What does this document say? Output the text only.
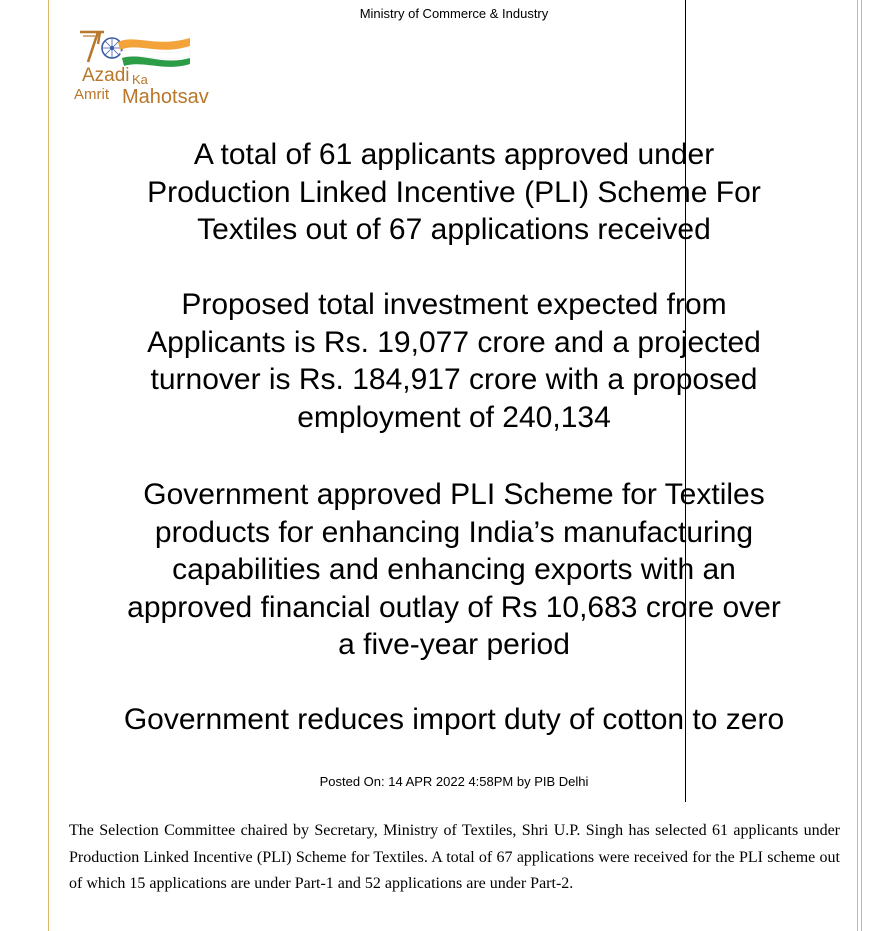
Ministry of Commerce & Industry
Azadi Ka
Amrit Mahotsav
A total of 61 applicants approved under
Production Linked Incentive (PLI) Scheme For
Textiles out of 67 applications received
Proposed total investment expected from
Applicants is Rs. 19,077 crore and a projected
turnover is Rs. 184,917 crore with a proposed
employment of 240,134
Government approved PLI Scheme for Textiles
products for enhancing India’s manufacturing
capabilities and enhancing exports with an
approved financial outlay of Rs 10,683 crore over
a five-year period
Government reduces import duty of cotton to zero
Posted On: 14 APR 2022 4:58PM by PIB Delhi
The Selection Committee chaired by Secretary, Ministry of Textiles, Shri U.P. Singh has selected 61 applicants under Production Linked Incentive (PLI) Scheme for Textiles. A total of 67 applications were received for the PLI scheme out of which 15 applications are under Part-1 and 52 applications are under Part-2.
